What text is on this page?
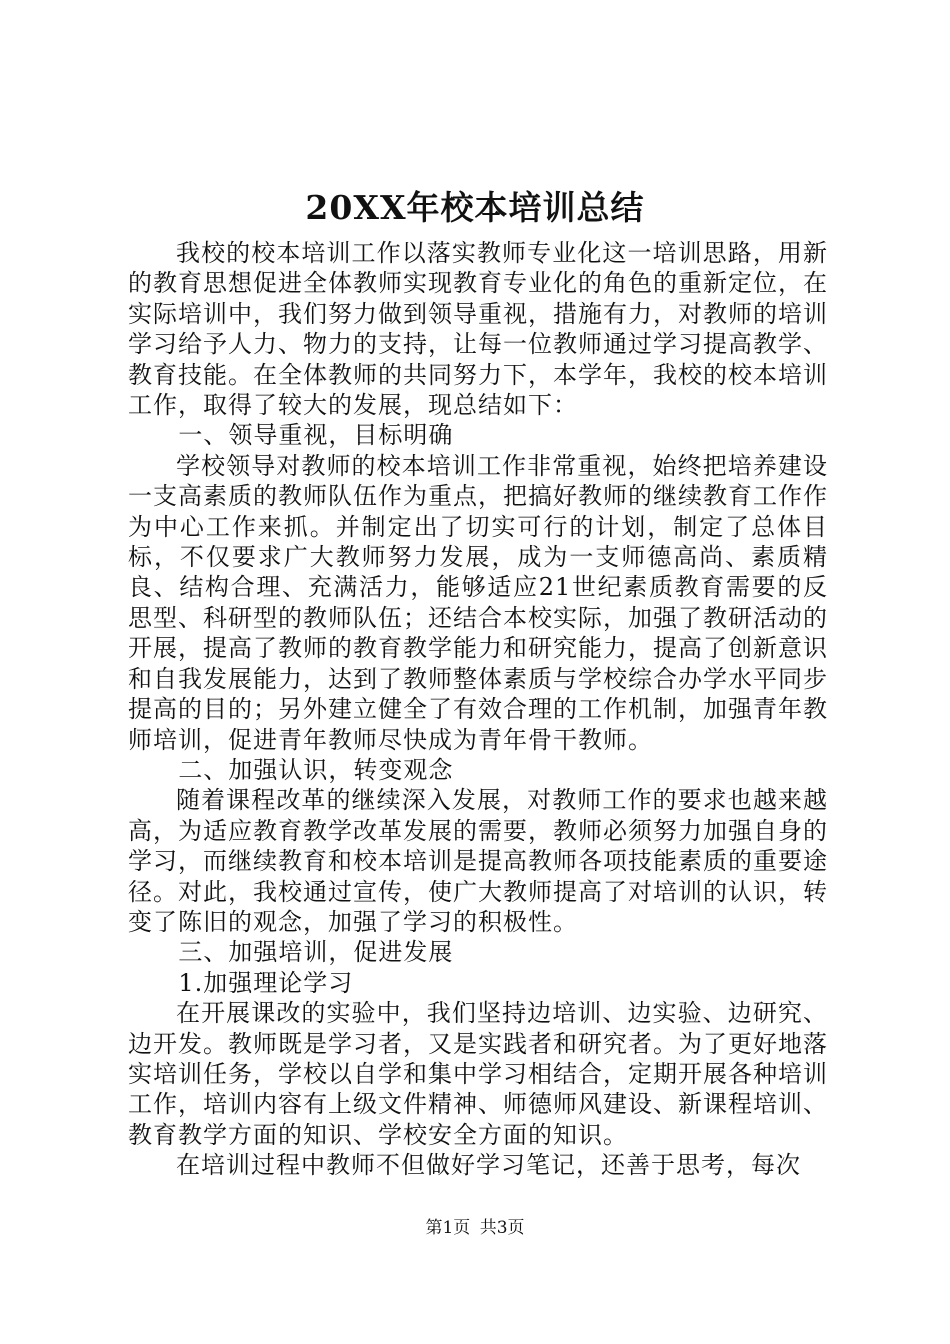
20XX年校本培训总结

我校的校本培训工作以落实教师专业化这一培训思路，用新的教育思想促进全体教师实现教育专业化的角色的重新定位，在实际培训中，我们努力做到领导重视，措施有力，对教师的培训学习给予人力、物力的支持，让每一位教师通过学习提高教学、教育技能。在全体教师的共同努力下，本学年，我校的校本培训工作，取得了较大的发展，现总结如下：

一、领导重视，目标明确

学校领导对教师的校本培训工作非常重视，始终把培养建设一支高素质的教师队伍作为重点，把搞好教师的继续教育工作作为中心工作来抓。并制定出了切实可行的计划，制定了总体目标，不仅要求广大教师努力发展，成为一支师德高尚、素质精良、结构合理、充满活力，能够适应21世纪素质教育需要的反思型、科研型的教师队伍；还结合本校实际，加强了教研活动的开展，提高了教师的教育教学能力和研究能力，提高了创新意识和自我发展能力，达到了教师整体素质与学校综合办学水平同步提高的目的；另外建立健全了有效合理的工作机制，加强青年教师培训，促进青年教师尽快成为青年骨干教师。

二、加强认识，转变观念

随着课程改革的继续深入发展，对教师工作的要求也越来越高，为适应教育教学改革发展的需要，教师必须努力加强自身的学习，而继续教育和校本培训是提高教师各项技能素质的重要途径。对此，我校通过宣传，使广大教师提高了对培训的认识，转变了陈旧的观念，加强了学习的积极性。

三、加强培训，促进发展

1.加强理论学习

在开展课改的实验中，我们坚持边培训、边实验、边研究、边开发。教师既是学习者，又是实践者和研究者。为了更好地落实培训任务，学校以自学和集中学习相结合，定期开展各种培训工作，培训内容有上级文件精神、师德师风建设、新课程培训、教育教学方面的知识、学校安全方面的知识。

在培训过程中教师不但做好学习笔记，还善于思考，每次

第1页 共3页
